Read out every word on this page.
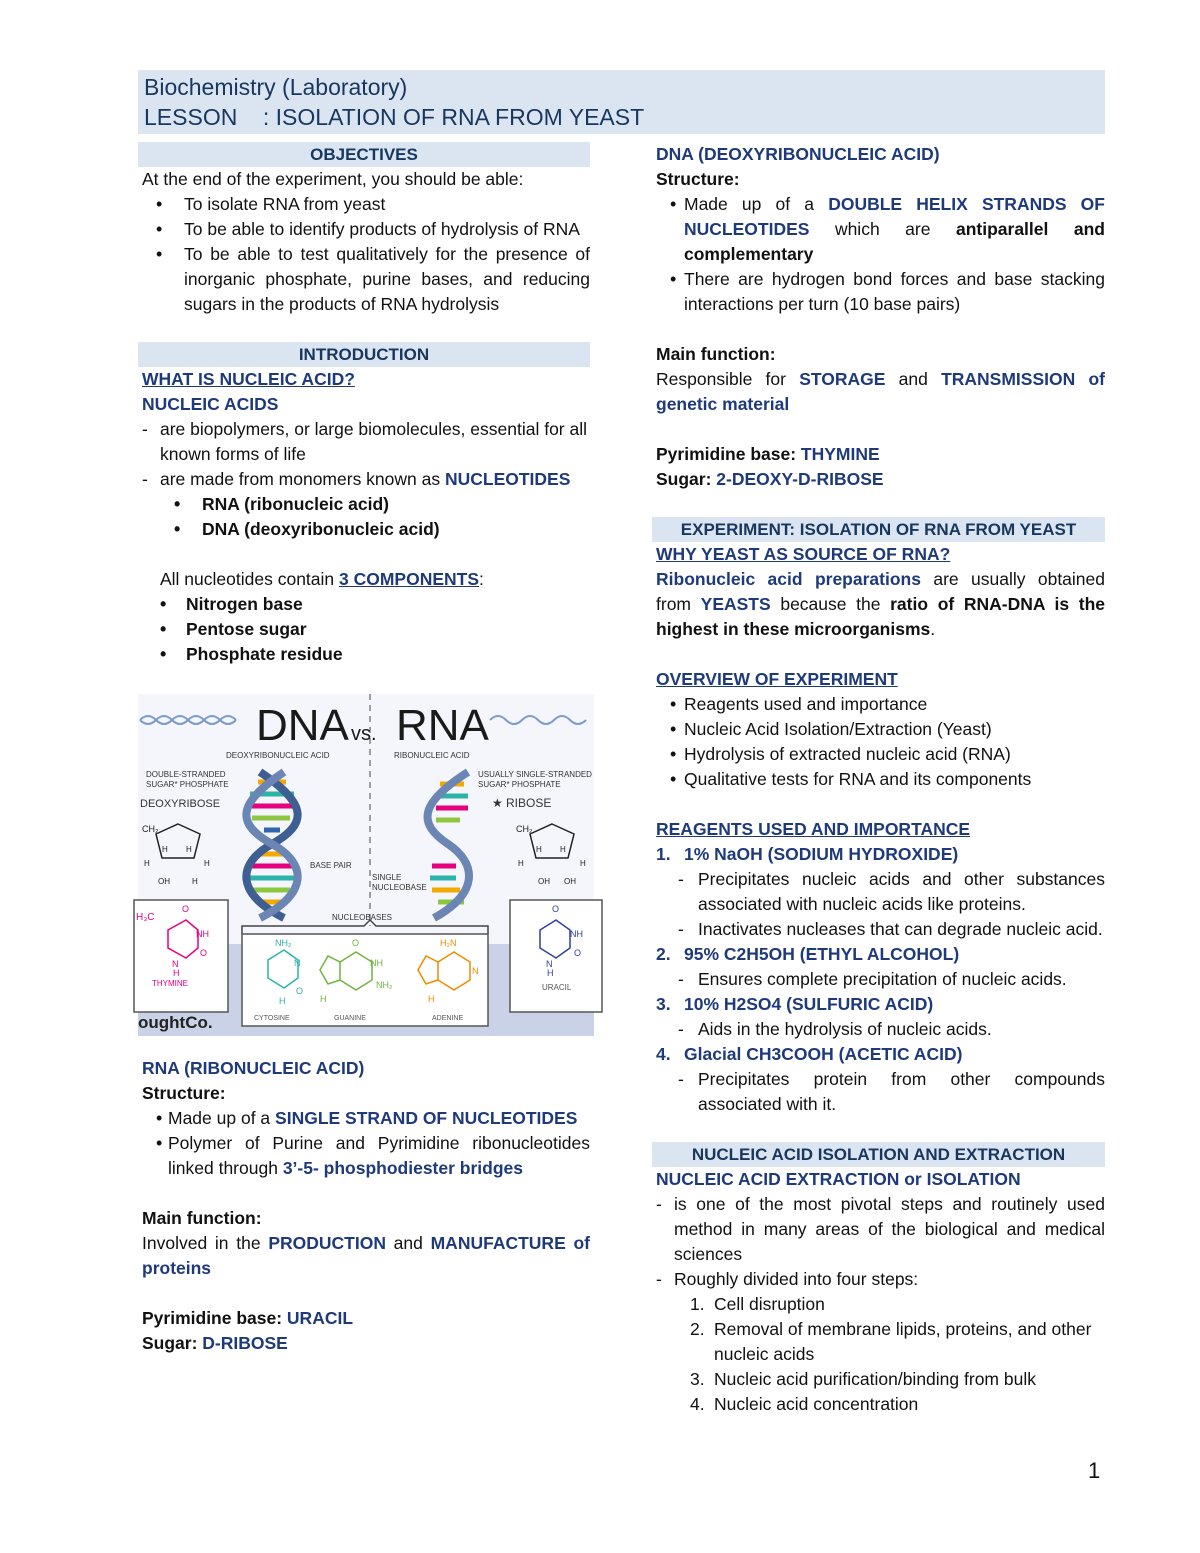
Biochemistry (Laboratory)
LESSON    : ISOLATION OF RNA FROM YEAST
OBJECTIVES
At the end of the experiment, you should be able:
• To isolate RNA from yeast
• To be able to identify products of hydrolysis of RNA
• To be able to test qualitatively for the presence of inorganic phosphate, purine bases, and reducing sugars in the products of RNA hydrolysis
INTRODUCTION
WHAT IS NUCLEIC ACID?
NUCLEIC ACIDS
- are biopolymers, or large biomolecules, essential for all known forms of life
- are made from monomers known as NUCLEOTIDES
• RNA (ribonucleic acid)
• DNA (deoxyribonucleic acid)
All nucleotides contain 3 COMPONENTS:
• Nitrogen base
• Pentose sugar
• Phosphate residue
DNA vs. RNA
DEOXYRIBONUCLEIC ACID	RIBONUCLEIC ACID
DOUBLE-STRANDED
SUGAR* PHOSPHATE
DEOXYRIBOSE
USUALLY SINGLE-STRANDED
SUGAR* PHOSPHATE
RIBOSE
★
CH₂
H H
H
H
OH	H
CH₂
H H
H
H
OH OH
BASE PAIR
SINGLE
NUCLEOBASE
NUCLEOBASES
H₃C
O
NH
O
N
H
THYMINE
NH₂
N
O
H
CYTOSINE
O
NH
NH₂
H
GUANINE
H₂N
N
H
ADENINE
O
NH
O
N
H
URACIL
oughtCo.
RNA (RIBONUCLEIC ACID)
Structure:
• Made up of a SINGLE STRAND OF NUCLEOTIDES
• Polymer of Purine and Pyrimidine ribonucleotides linked through 3’-5- phosphodiester bridges
Main function:
Involved in the PRODUCTION and MANUFACTURE of proteins
Pyrimidine base: URACIL
Sugar: D-RIBOSE
DNA (DEOXYRIBONUCLEIC ACID)
Structure:
• Made up of a DOUBLE HELIX STRANDS OF NUCLEOTIDES which are antiparallel and complementary
• There are hydrogen bond forces and base stacking interactions per turn (10 base pairs)
Main function:
Responsible for STORAGE and TRANSMISSION of genetic material
Pyrimidine base: THYMINE
Sugar: 2-DEOXY-D-RIBOSE
EXPERIMENT: ISOLATION OF RNA FROM YEAST
WHY YEAST AS SOURCE OF RNA?
Ribonucleic acid preparations are usually obtained from YEASTS because the ratio of RNA-DNA is the highest in these microorganisms.
OVERVIEW OF EXPERIMENT
• Reagents used and importance
• Nucleic Acid Isolation/Extraction (Yeast)
• Hydrolysis of extracted nucleic acid (RNA)
• Qualitative tests for RNA and its components
REAGENTS USED AND IMPORTANCE
1. 1% NaOH (SODIUM HYDROXIDE)
- Precipitates nucleic acids and other substances associated with nucleic acids like proteins.
- Inactivates nucleases that can degrade nucleic acid.
2. 95% C2H5OH (ETHYL ALCOHOL)
- Ensures complete precipitation of nucleic acids.
3. 10% H2SO4 (SULFURIC ACID)
- Aids in the hydrolysis of nucleic acids.
4. Glacial CH3COOH (ACETIC ACID)
- Precipitates protein from other compounds associated with it.
NUCLEIC ACID ISOLATION AND EXTRACTION
NUCLEIC ACID EXTRACTION or ISOLATION
- is one of the most pivotal steps and routinely used method in many areas of the biological and medical sciences
- Roughly divided into four steps:
1. Cell disruption
2. Removal of membrane lipids, proteins, and other nucleic acids
3. Nucleic acid purification/binding from bulk
4. Nucleic acid concentration
1
